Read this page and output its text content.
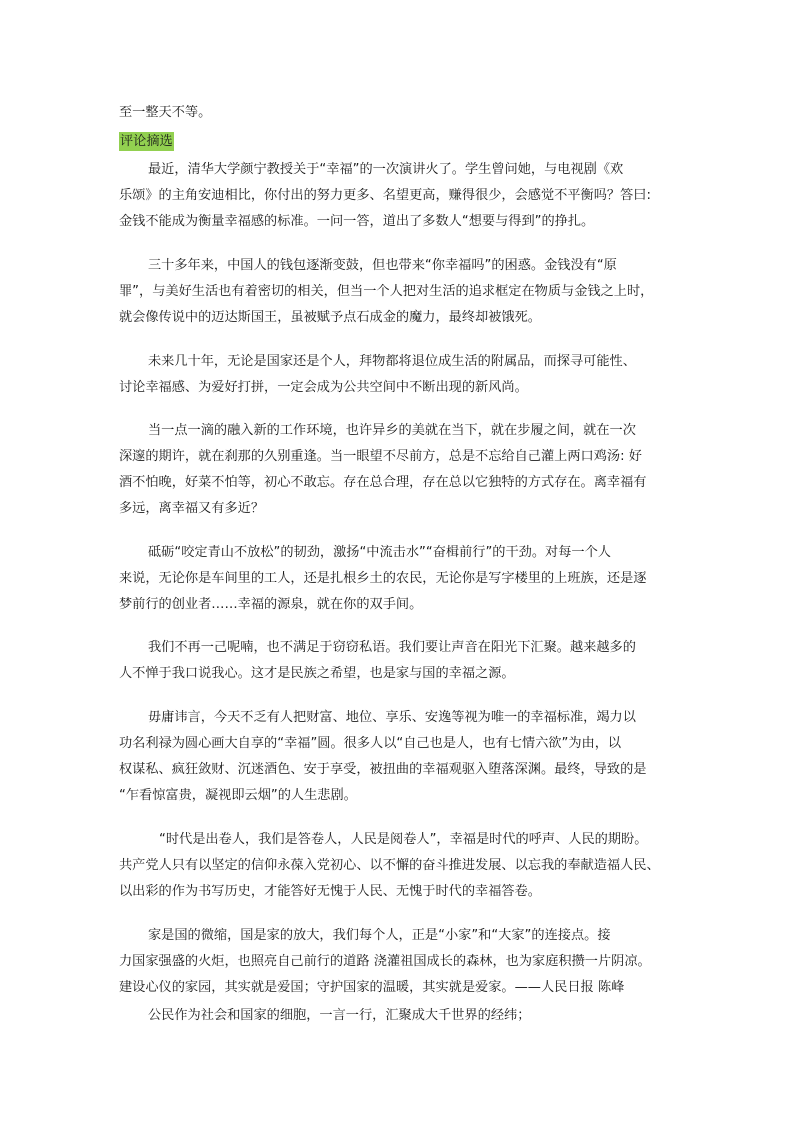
至一整天不等。
评论摘选
最近，清华大学颜宁教授关于“幸福”的一次演讲火了。学生曾问她，与电视剧《欢
乐颂》的主角安迪相比，你付出的努力更多、名望更高，赚得很少，会感觉不平衡吗？答曰:
金钱不能成为衡量幸福感的标准。一问一答，道出了多数人“想要与得到”的挣扎。
三十多年来，中国人的钱包逐渐变鼓，但也带来“你幸福吗”的困惑。金钱没有“原
罪”，与美好生活也有着密切的相关，但当一个人把对生活的追求框定在物质与金钱之上时，
就会像传说中的迈达斯国王，虽被赋予点石成金的魔力，最终却被饿死。
未来几十年，无论是国家还是个人，拜物都将退位成生活的附属品，而探寻可能性、
讨论幸福感、为爱好打拼，一定会成为公共空间中不断出现的新风尚。
当一点一滴的融入新的工作环境，也许异乡的美就在当下，就在步履之间，就在一次
深邃的期许，就在刹那的久别重逢。当一眼望不尽前方，总是不忘给自己灌上两口鸡汤: 好
酒不怕晚，好菜不怕等，初心不敢忘。存在总合理，存在总以它独特的方式存在。离幸福有
多远，离幸福又有多近？
砥砺“咬定青山不放松”的韧劲，激扬“中流击水”“奋楫前行”的干劲。对每一个人
来说，无论你是车间里的工人，还是扎根乡土的农民，无论你是写字楼里的上班族，还是逐
梦前行的创业者……幸福的源泉，就在你的双手间。
我们不再一己呢喃，也不满足于窃窃私语。我们要让声音在阳光下汇聚。越来越多的
人不惮于我口说我心。这才是民族之希望，也是家与国的幸福之源。
毋庸讳言，今天不乏有人把财富、地位、享乐、安逸等视为唯一的幸福标准，竭力以
功名利禄为圆心画大自享的“幸福”圆。很多人以“自己也是人，也有七情六欲”为由，以
权谋私、疯狂敛财、沉迷酒色、安于享受，被扭曲的幸福观驱入堕落深渊。最终，导致的是
“乍看惊富贵，凝视即云烟”的人生悲剧。
“时代是出卷人，我们是答卷人，人民是阅卷人”，幸福是时代的呼声、人民的期盼。
共产党人只有以坚定的信仰永葆入党初心、以不懈的奋斗推进发展、以忘我的奉献造福人民、
以出彩的作为书写历史，才能答好无愧于人民、无愧于时代的幸福答卷。
家是国的微缩，国是家的放大，我们每个人，正是“小家”和“大家”的连接点。接
力国家强盛的火炬，也照亮自己前行的道路 浇灌祖国成长的森林，也为家庭积攒一片阴凉。
建设心仪的家园，其实就是爱国；守护国家的温暖，其实就是爱家。——人民日报 陈峰
公民作为社会和国家的细胞，一言一行，汇聚成大千世界的经纬；
